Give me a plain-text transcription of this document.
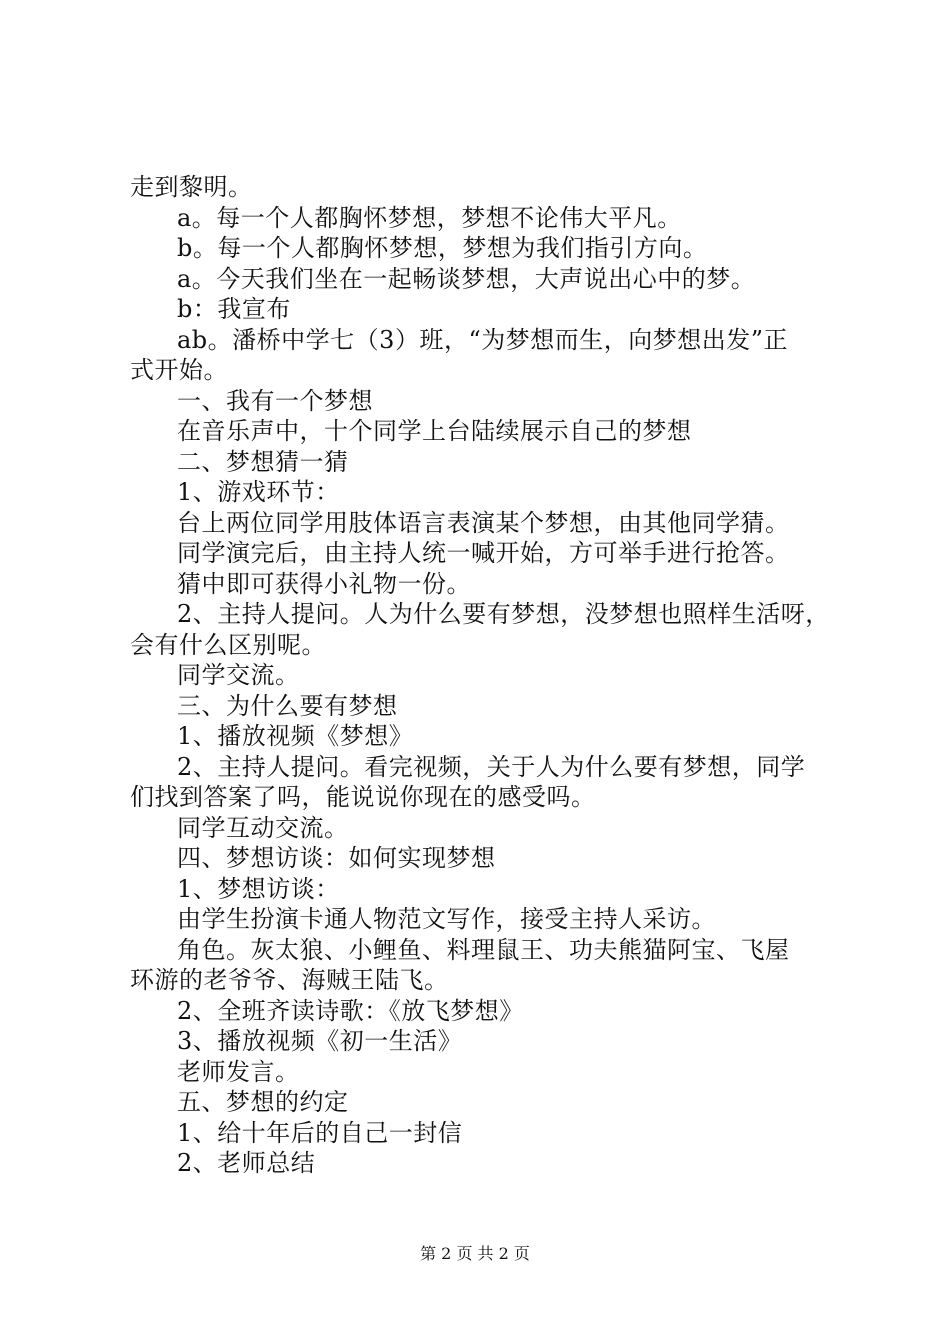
走到黎明。
a。每一个人都胸怀梦想，梦想不论伟大平凡。
b。每一个人都胸怀梦想，梦想为我们指引方向。
a。今天我们坐在一起畅谈梦想，大声说出心中的梦。
b：我宣布
ab。潘桥中学七（3）班，“为梦想而生，向梦想出发”正
式开始。
一、我有一个梦想
在音乐声中，十个同学上台陆续展示自己的梦想
二、梦想猜一猜
1、游戏环节：
台上两位同学用肢体语言表演某个梦想，由其他同学猜。
同学演完后，由主持人统一喊开始，方可举手进行抢答。
猜中即可获得小礼物一份。
2、主持人提问。人为什么要有梦想，没梦想也照样生活呀，
会有什么区别呢。
同学交流。
三、为什么要有梦想
1、播放视频《梦想》
2、主持人提问。看完视频，关于人为什么要有梦想，同学
们找到答案了吗，能说说你现在的感受吗。
同学互动交流。
四、梦想访谈：如何实现梦想
1、梦想访谈：
由学生扮演卡通人物范文写作，接受主持人采访。
角色。灰太狼、小鲤鱼、料理鼠王、功夫熊猫阿宝、飞屋
环游的老爷爷、海贼王陆飞。
2、全班齐读诗歌：《放飞梦想》
3、播放视频《初一生活》
老师发言。
五、梦想的约定
1、给十年后的自己一封信
2、老师总结
第 2 页 共 2 页
